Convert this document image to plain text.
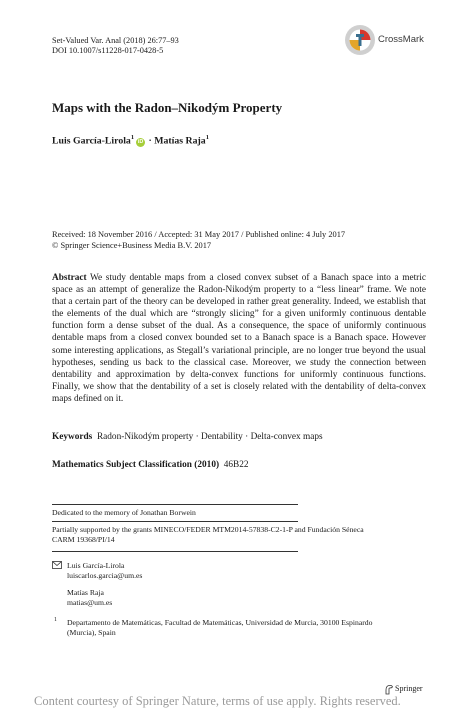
Set-Valued Var. Anal (2018) 26:77–93
DOI 10.1007/s11228-017-0428-5
CrossMark
Maps with the Radon–Nikodým Property
Luis García-Lirola$^1$iD · Matías Raja$^1$
Received: 18 November 2016 / Accepted: 31 May 2017 / Published online: 4 July 2017
© Springer Science+Business Media B.V. 2017
Abstract We study dentable maps from a closed convex subset of a Banach space into a metric space as an attempt of generalize the Radon-Nikodým property to a “less linear” frame. We note that a certain part of the theory can be developed in rather great generality. Indeed, we establish that the elements of the dual which are “strongly slicing” for a given uniformly continuous dentable function form a dense subset of the dual. As a consequence, the space of uniformly continuous dentable maps from a closed convex bounded set to a Banach space is a Banach space. However some interesting applications, as Stegall’s variational principle, are no longer true beyond the usual hypotheses, sending us back to the classical case. Moreover, we study the connection between dentability and approximation by delta-convex functions for uniformly continuous functions. Finally, we show that the dentability of a set is closely related with the dentability of delta-convex maps defined on it.
Keywords Radon-Nikodým property · Dentability · Delta-convex maps
Mathematics Subject Classification (2010) 46B22
Dedicated to the memory of Jonathan Borwein
Partially supported by the grants MINECO/FEDER MTM2014-57838-C2-1-P and Fundación Séneca
CARM 19368/PI/14
Luis García-Lirola
luiscarlos.garcia@um.es
Matías Raja
matias@um.es
1 Departamento de Matemáticas, Facultad de Matemáticas, Universidad de Murcia, 30100 Espinardo
(Murcia), Spain
Springer
Content courtesy of Springer Nature, terms of use apply. Rights reserved.
